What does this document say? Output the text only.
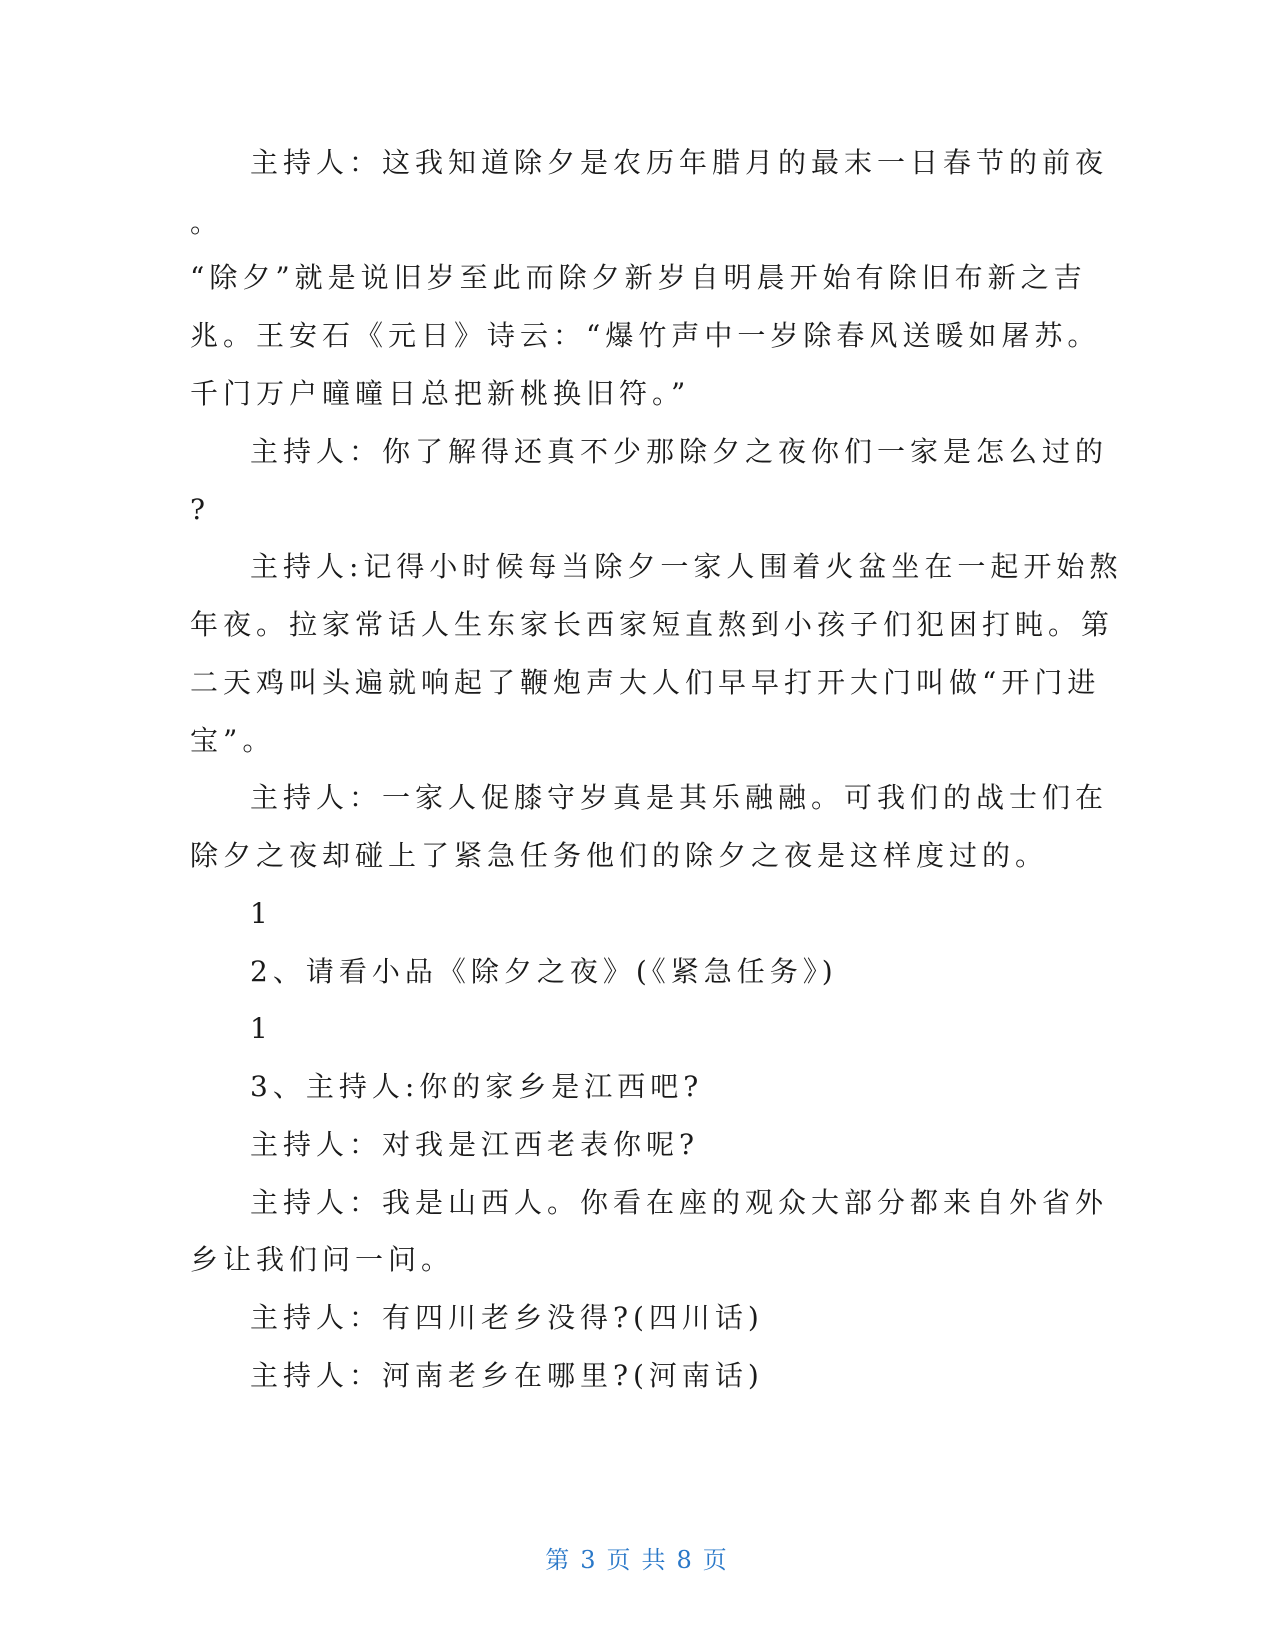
主持人：这我知道除夕是农历年腊月的最末一日春节的前夜
。
“除夕”就是说旧岁至此而除夕新岁自明晨开始有除旧布新之吉
兆。王安石《元日》诗云：“爆竹声中一岁除春风送暖如屠苏。
千门万户曈曈日总把新桃换旧符。”
主持人：你了解得还真不少那除夕之夜你们一家是怎么过的
?
主持人:记得小时候每当除夕一家人围着火盆坐在一起开始熬
年夜。拉家常话人生东家长西家短直熬到小孩子们犯困打盹。第
二天鸡叫头遍就响起了鞭炮声大人们早早打开大门叫做“开门进
宝”。
主持人：一家人促膝守岁真是其乐融融。可我们的战士们在
除夕之夜却碰上了紧急任务他们的除夕之夜是这样度过的。
1
2、请看小品《除夕之夜》(《紧急任务》)
1
3、主持人:你的家乡是江西吧?
主持人：对我是江西老表你呢?
主持人：我是山西人。你看在座的观众大部分都来自外省外
乡让我们问一问。
主持人：有四川老乡没得?(四川话)
主持人：河南老乡在哪里?(河南话)
第 3 页 共 8 页
